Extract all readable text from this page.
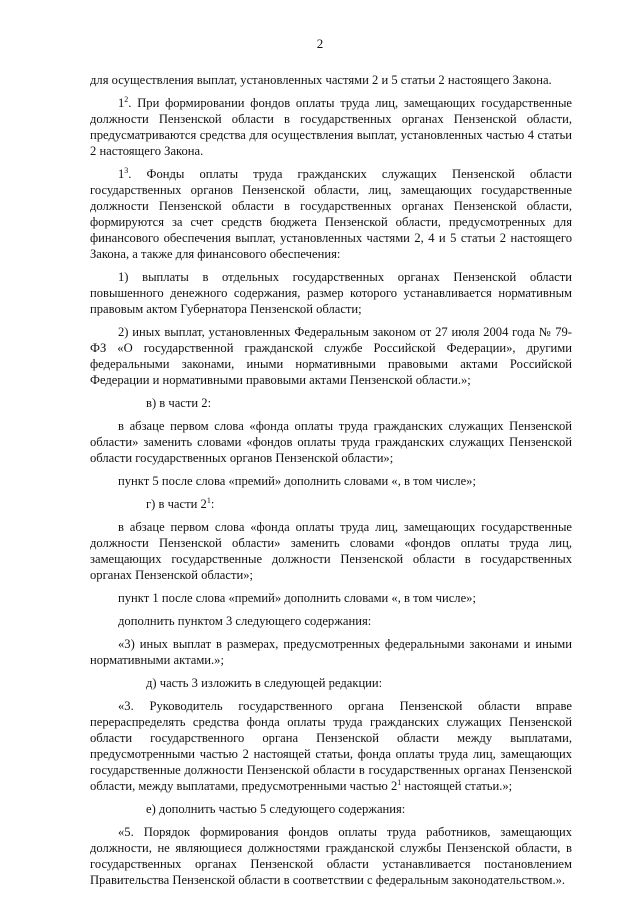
2

для осуществления выплат, установленных частями 2 и 5 статьи 2 настоящего Закона.

$1^2$. При формировании фондов оплаты труда лиц, замещающих государственные должности Пензенской области в государственных органах Пензенской области, предусматриваются средства для осуществления выплат, установленных частью 4 статьи 2 настоящего Закона.

$1^3$. Фонды оплаты труда гражданских служащих Пензенской области государственных органов Пензенской области, лиц, замещающих государственные должности Пензенской области в государственных органах Пензенской области, формируются за счет средств бюджета Пензенской области, предусмотренных для финансового обеспечения выплат, установленных частями 2, 4 и 5 статьи 2 настоящего Закона, а также для финансового обеспечения:

1) выплаты в отдельных государственных органах Пензенской области повышенного денежного содержания, размер которого устанавливается нормативным правовым актом Губернатора Пензенской области;

2) иных выплат, установленных Федеральным законом от 27 июля 2004 года № 79-ФЗ «О государственной гражданской службе Российской Федерации», другими федеральными законами, иными нормативными правовыми актами Российской Федерации и нормативными правовыми актами Пензенской области.»;

в) в части 2:

в абзаце первом слова «фонда оплаты труда гражданских служащих Пензенской области» заменить словами «фондов оплаты труда гражданских служащих Пензенской области государственных органов Пензенской области»;

пункт 5 после слова «премий» дополнить словами «, в том числе»;

г) в части $2^1$:

в абзаце первом слова «фонда оплаты труда лиц, замещающих государственные должности Пензенской области» заменить словами «фондов оплаты труда лиц, замещающих государственные должности Пензенской области в государственных органах Пензенской области»;

пункт 1 после слова «премий» дополнить словами «, в том числе»;

дополнить пунктом 3 следующего содержания:

«3) иных выплат в размерах, предусмотренных федеральными законами и иными нормативными актами.»;

д) часть 3 изложить в следующей редакции:

«3. Руководитель государственного органа Пензенской области вправе перераспределять средства фонда оплаты труда гражданских служащих Пензенской области государственного органа Пензенской области между выплатами, предусмотренными частью 2 настоящей статьи, фонда оплаты труда лиц, замещающих государственные должности Пензенской области в государственных органах Пензенской области, между выплатами, предусмотренными частью $2^1$ настоящей статьи.»;

е) дополнить частью 5 следующего содержания:

«5. Порядок формирования фондов оплаты труда работников, замещающих должности, не являющиеся должностями гражданской службы Пензенской области, в государственных органах Пензенской области устанавливается постановлением Правительства Пензенской области в соответствии с федеральным законодательством.».
